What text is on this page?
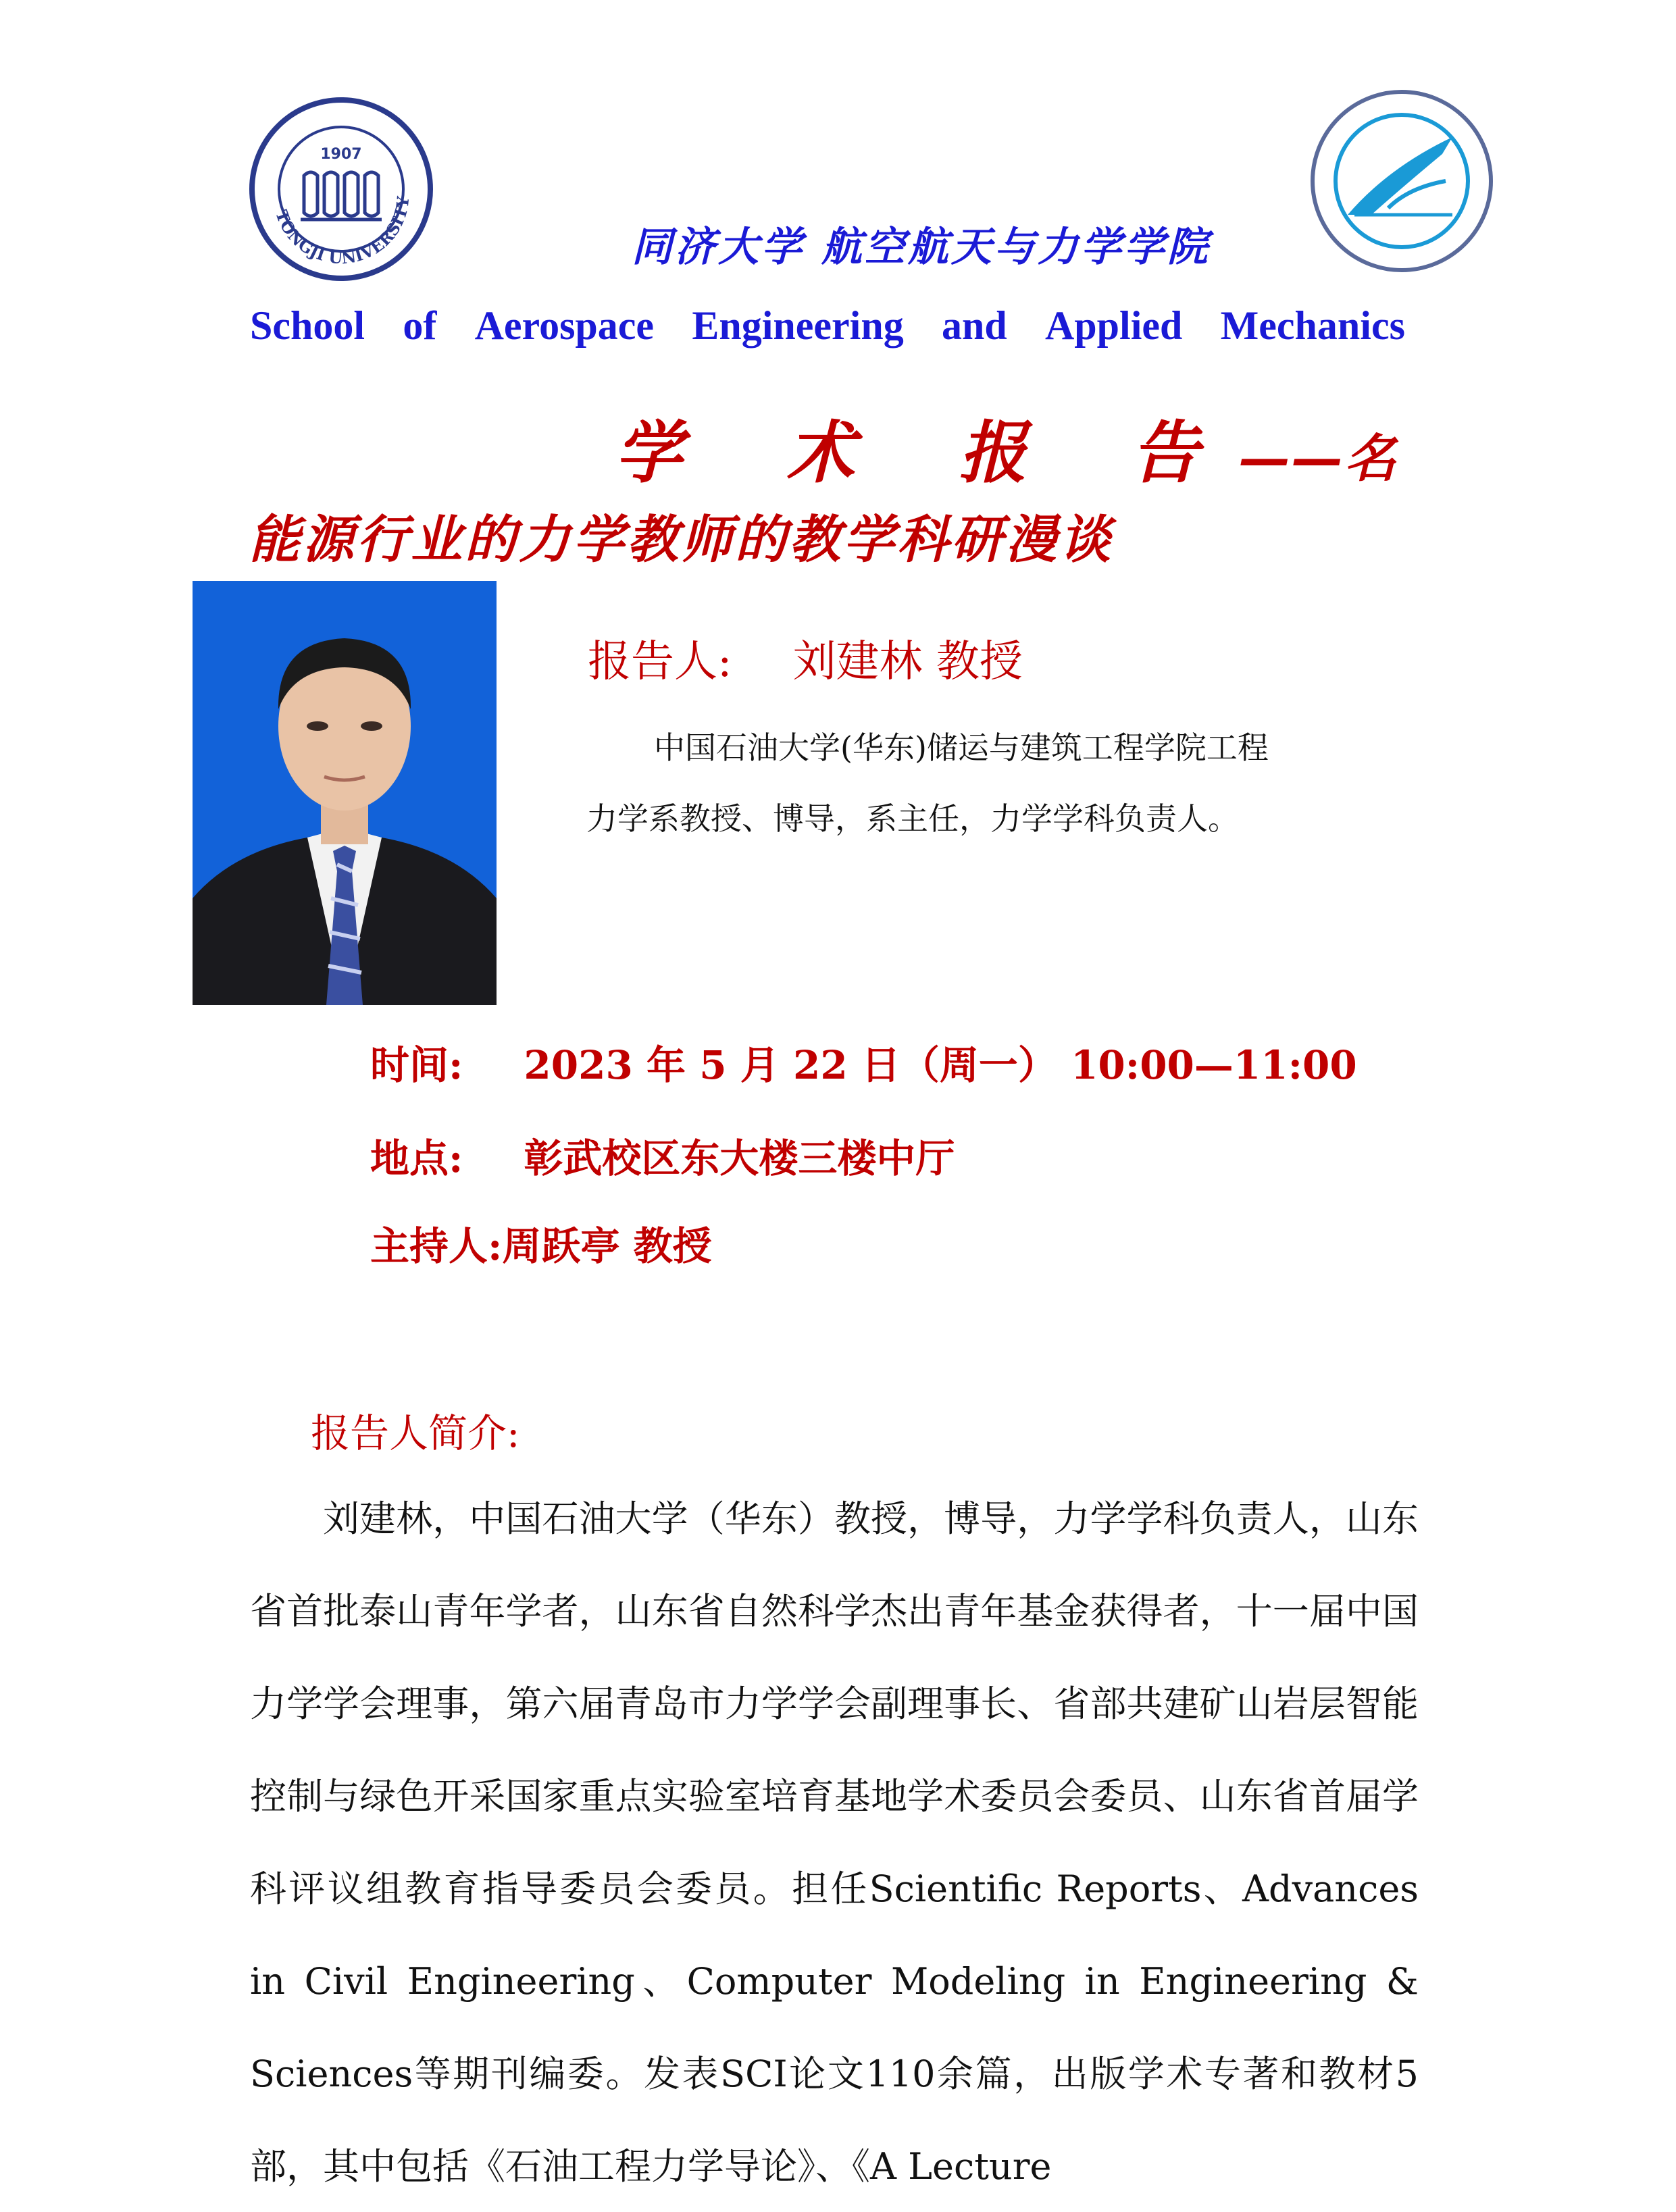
1907
TONGJI UNIVERSITY
同济大学 航空航天与力学学院
School of Aerospace Engineering and Applied Mechanics
学 术 报 告——名
能源行业的力学教师的教学科研漫谈
报告人: 刘建林 教授
中国石油大学(华东)储运与建筑工程学院工程
力学系教授、博导，系主任，力学学科负责人。
时间: 2023 年 5 月 22 日（周一） 10:00—11:00
地点: 彰武校区东大楼三楼中厅
主持人:周跃亭 教授
报告人简介:
刘建林，中国石油大学（华东）教授，博导，力学学科负责人，山东省首批泰山青年学者，山东省自然科学杰出青年基金获得者，十一届中国力学学会理事，第六届青岛市力学学会副理事长、省部共建矿山岩层智能控制与绿色开采国家重点实验室培育基地学术委员会委员、山东省首届学科评议组教育指导委员会委员。担任Scientific Reports、Advances in Civil Engineering、Computer Modeling in Engineering & Sciences等期刊编委。发表SCI论文110余篇，出版学术专著和教材5部，其中包括《石油工程力学导论》、《A Lecture
